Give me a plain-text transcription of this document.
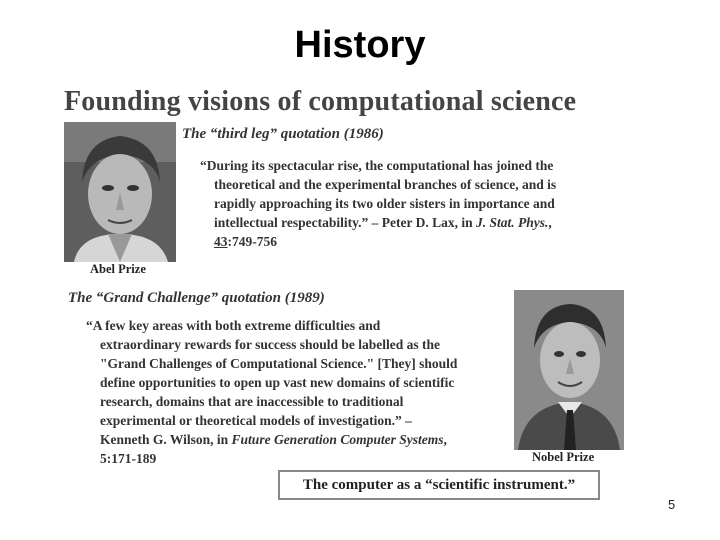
History
Founding visions of computational science
Abel Prize
The “third leg” quotation (1986)
“During its spectacular rise, the computational has joined the
theoretical and the experimental branches of science, and is
rapidly approaching its two older sisters in importance and
intellectual respectability.” – Peter D. Lax, in J. Stat. Phys.,
43:749-756
The “Grand Challenge” quotation (1989)
“A few key areas with both extreme difficulties and
extraordinary rewards for success should be labelled as the
"Grand Challenges of Computational Science." [They] should
define opportunities to open up vast new domains of scientific
research, domains that are inaccessible to traditional
experimental or theoretical models of investigation.” –
Kenneth G. Wilson, in Future Generation Computer Systems,
5:171-189	Nobel Prize
The computer as a “scientific instrument.”
5
